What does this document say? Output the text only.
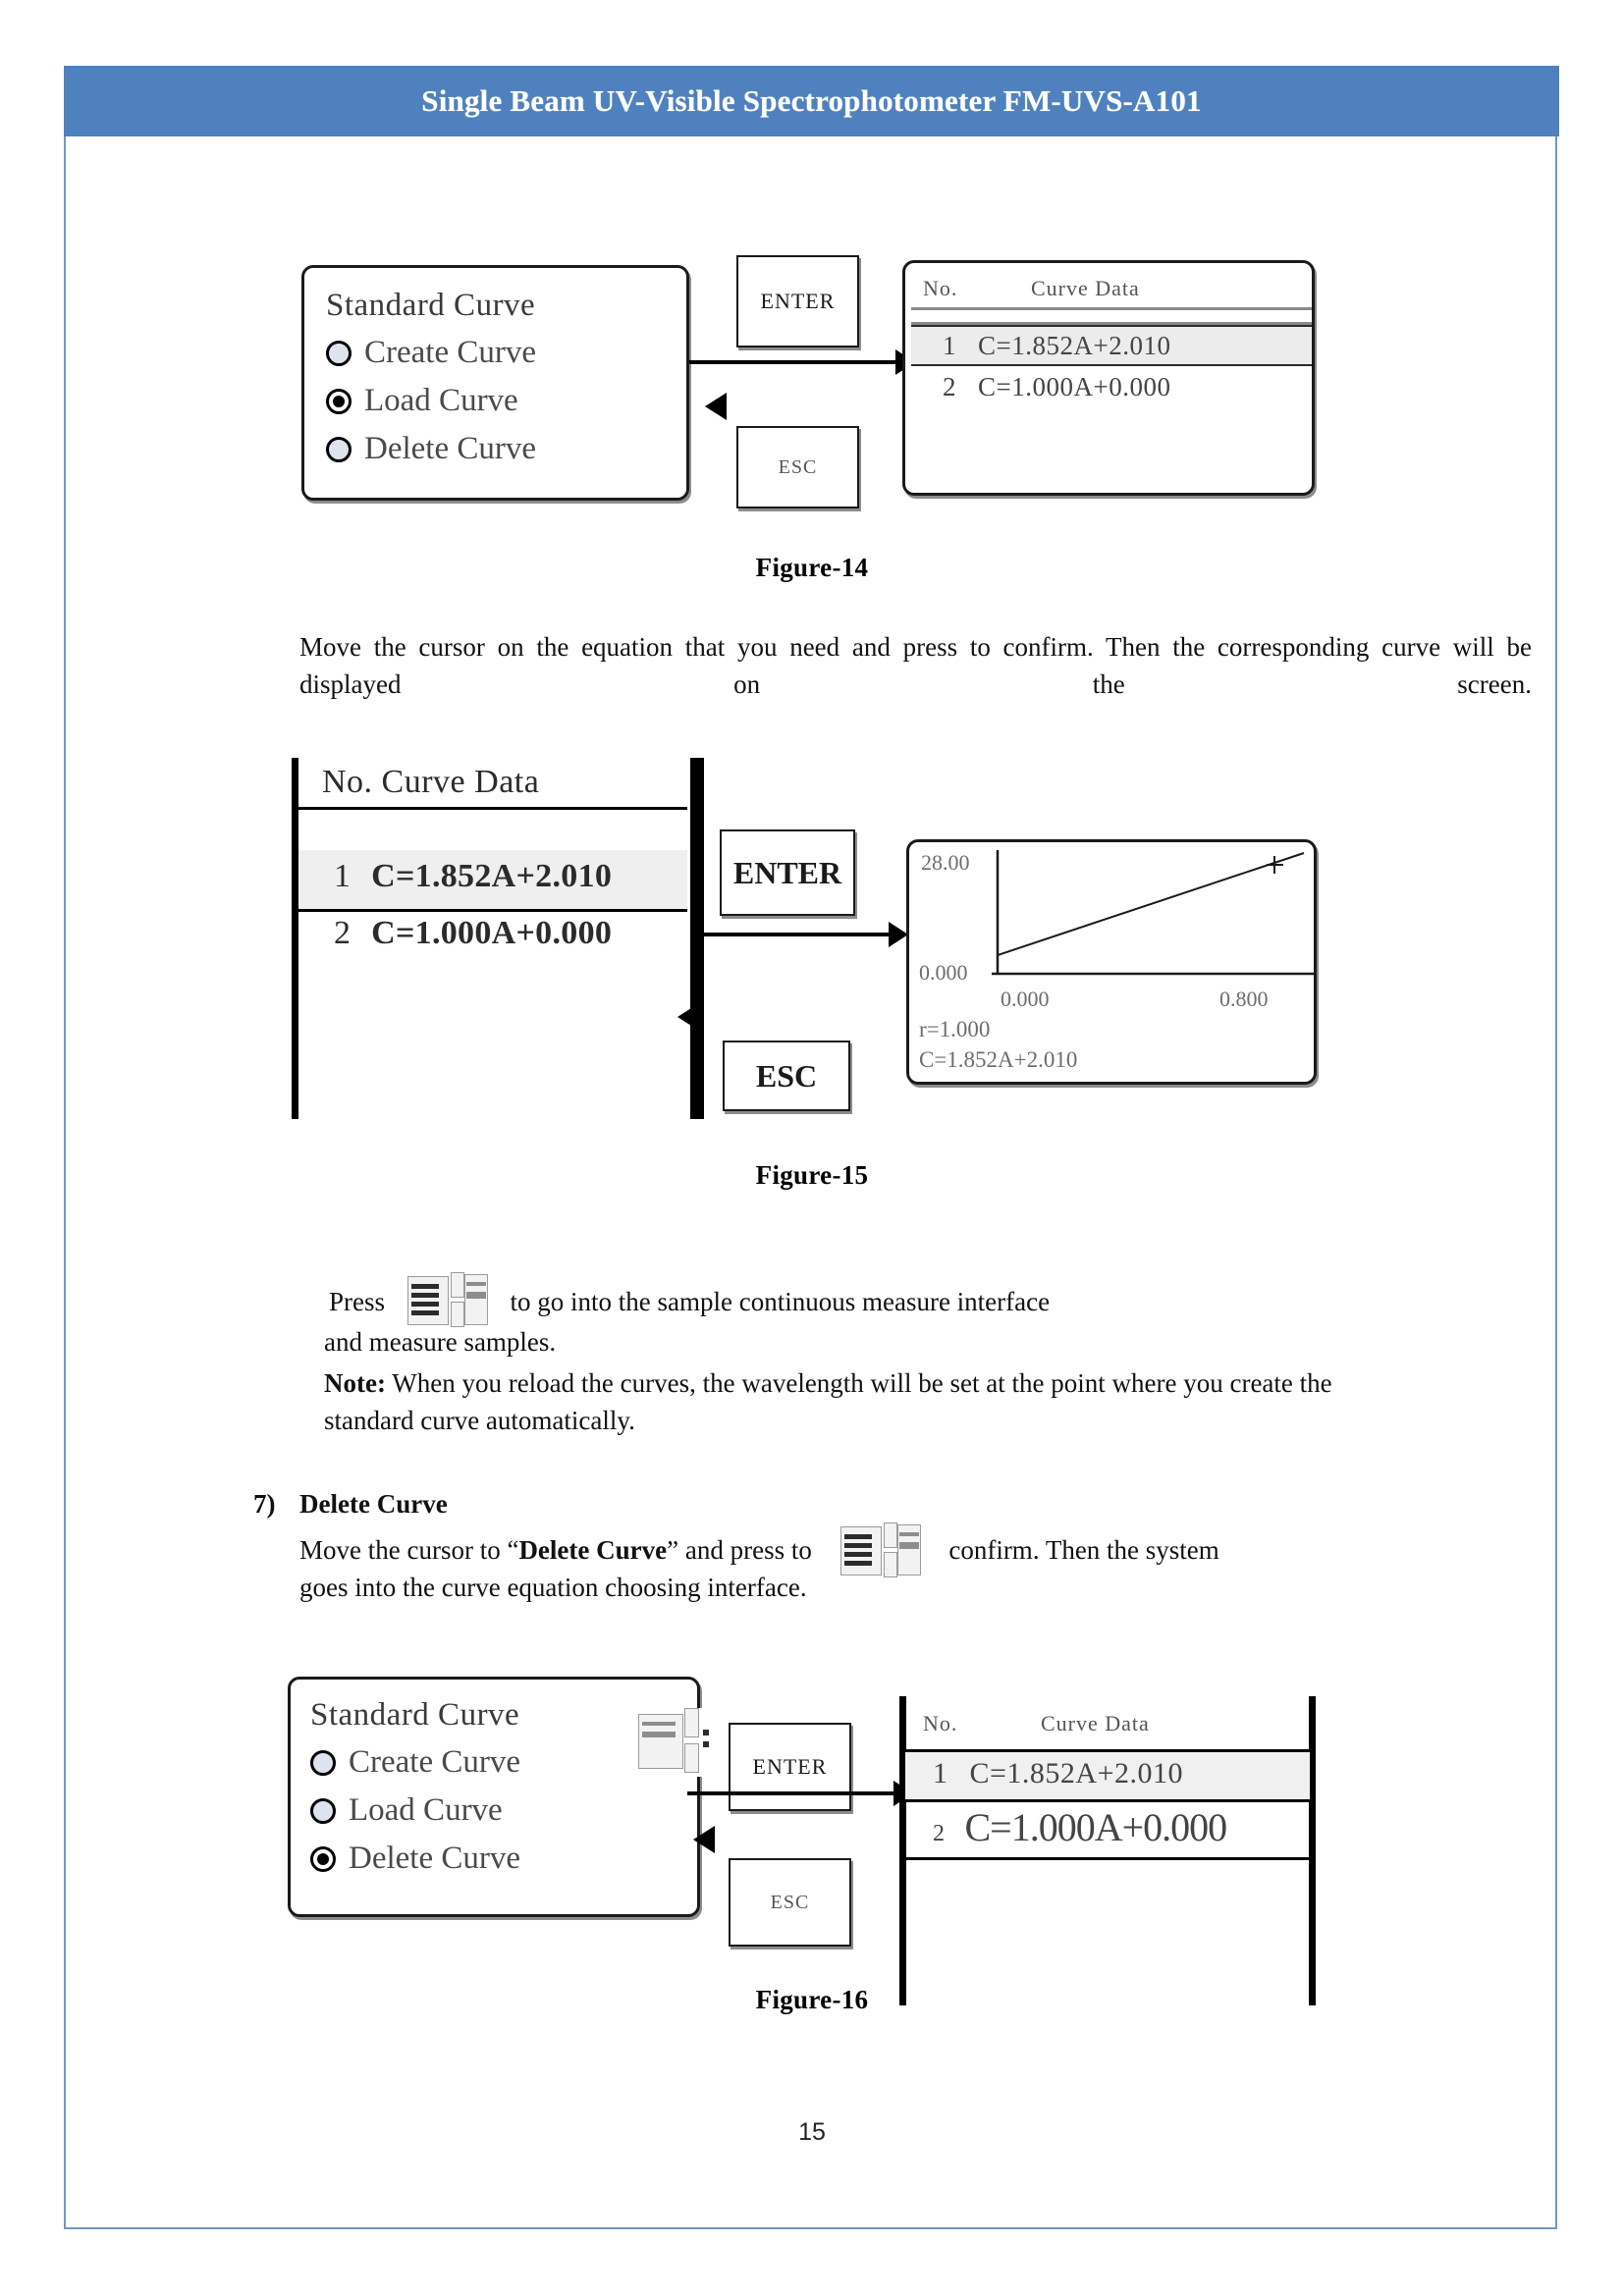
Single Beam UV-Visible Spectrophotometer FM-UVS-A101
Standard Curve
Create Curve
Load Curve
Delete Curve
ENTER
ESC
No.	Curve Data
1 C=1.852A+2.010
2 C=1.000A+0.000
Figure-14
Move the cursor on the equation that you need and press to confirm. Then the corresponding curve will be displayed on the screen.
No. Curve Data
1 C=1.852A+2.010
2 C=1.000A+0.000
ENTER
ESC
28.00
0.000
0.000	0.800
r=1.000
C=1.852A+2.010
Figure-15
Press	to go into the sample continuous measure interface
and measure samples.
Note: When you reload the curves, the wavelength will be set at the point where you create the standard curve automatically.
7) Delete Curve
Move the cursor to “Delete Curve” and press to	confirm. Then the system
goes into the curve equation choosing interface.
Standard Curve
Create Curve
Load Curve
Delete Curve
ENTER
ESC
No.	Curve Data
1 C=1.852A+2.010
2 C=1.000A+0.000
Figure-16
15
